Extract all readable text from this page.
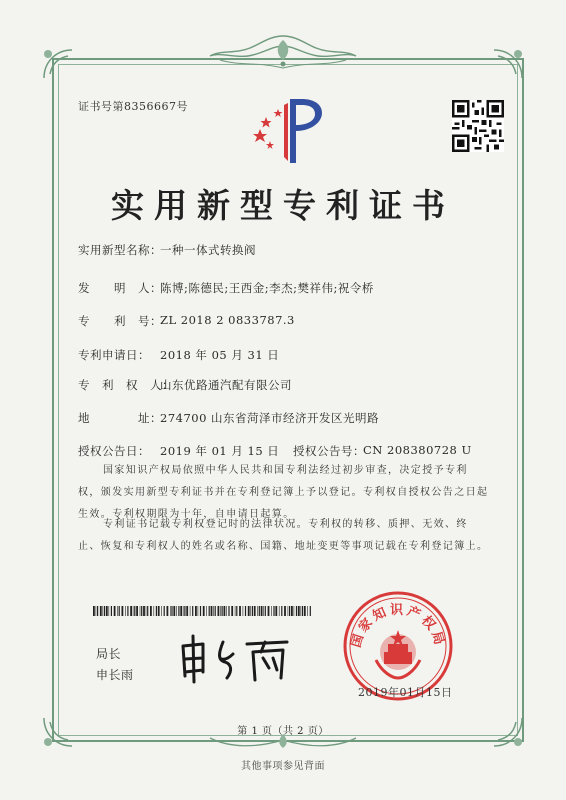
证书号第8356667号
实用新型专利证书
实用新型名称：
一种一体式转换阀
发　　明　人：
陈博;陈德民;王西金;李杰;樊祥伟;祝令桥
专　　利　号：
ZL 2018 2 0833787.3
专利申请日： 2018 年 05 月 31 日
专　利　权　人：
山东优路通汽配有限公司
地　　　　址：
274700 山东省菏泽市经济开发区光明路
授权公告日： 2019 年 01 月 15 日 授权公告号：
CN 208380728 U
国家知识产权局依照中华人民共和国专利法经过初步审查，决定授予专利权，颁发实用新型专利证书并在专利登记簿上予以登记。专利权自授权公告之日起生效。专利权期限为十年，自申请日起算。
专利证书记载专利权登记时的法律状况。专利权的转移、质押、无效、终止、恢复和专利权人的姓名或名称、国籍、地址变更等事项记载在专利登记簿上。
局长
申长雨
国家知识产权局
2019年01月15日
第 1 页（共 2 页）
其他事项参见背面
